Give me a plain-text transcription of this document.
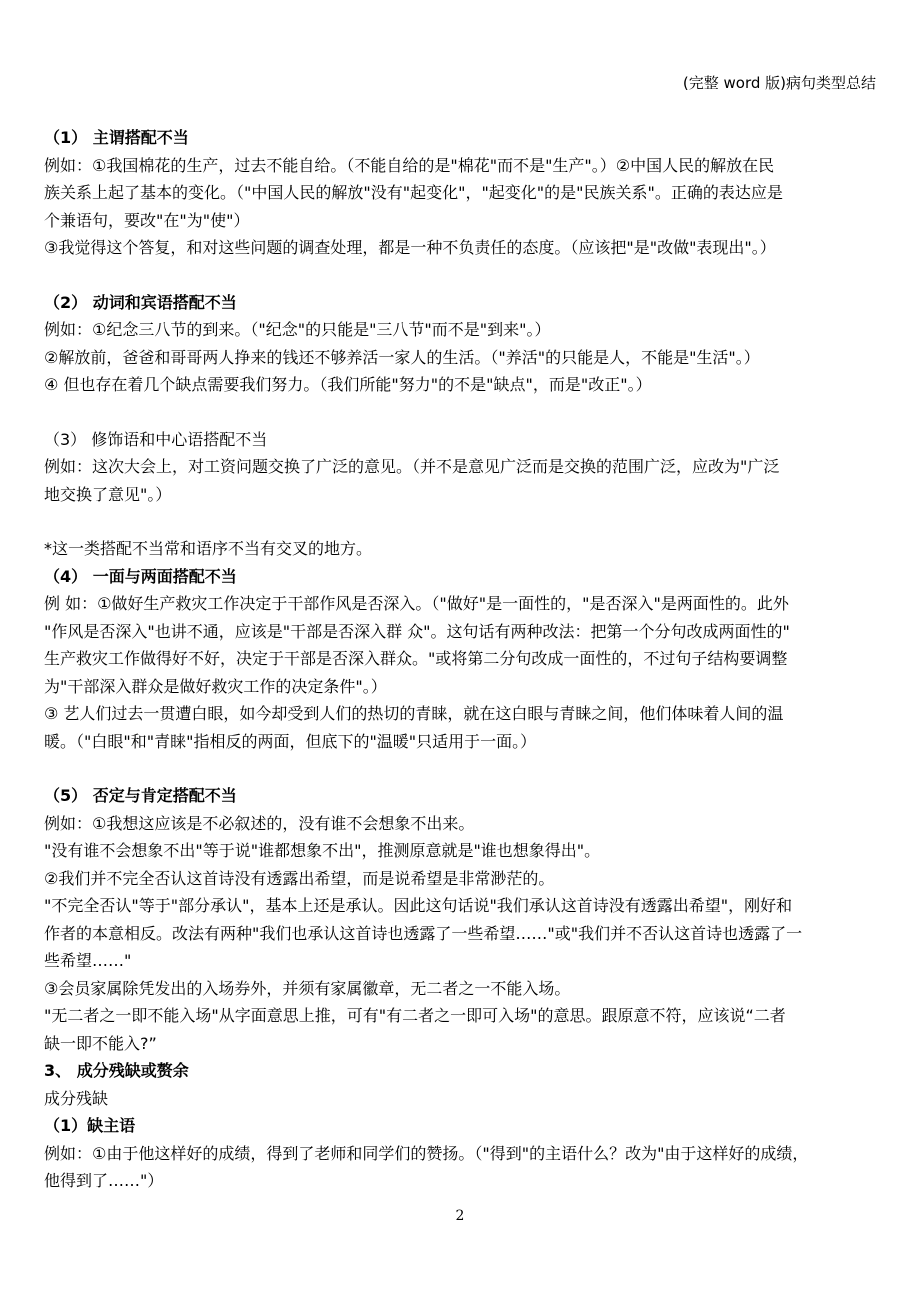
(完整 word 版)病句类型总结

（1） 主谓搭配不当

例如：①我国棉花的生产，过去不能自给。（不能自给的是"棉花"而不是"生产"。）②中国人民的解放在民

族关系上起了基本的变化。（"中国人民的解放"没有"起变化"，"起变化"的是"民族关系"。正确的表达应是

个兼语句，要改"在"为"使"）

③我觉得这个答复，和对这些问题的调查处理，都是一种不负责任的态度。（应该把"是"改做"表现出"。）

（2） 动词和宾语搭配不当

例如：①纪念三八节的到来。（"纪念"的只能是"三八节"而不是"到来"。）

②解放前，爸爸和哥哥两人挣来的钱还不够养活一家人的生活。（"养活"的只能是人，不能是"生活"。）

④ 但也存在着几个缺点需要我们努力。（我们所能"努力"的不是"缺点"，而是"改正"。）

（3） 修饰语和中心语搭配不当

例如：这次大会上，对工资问题交换了广泛的意见。（并不是意见广泛而是交换的范围广泛，应改为"广泛

地交换了意见"。）

*这一类搭配不当常和语序不当有交叉的地方。

（4） 一面与两面搭配不当

例 如：①做好生产救灾工作决定于干部作风是否深入。（"做好"是一面性的，"是否深入"是两面性的。此外

"作风是否深入"也讲不通，应该是"干部是否深入群 众"。这句话有两种改法：把第一个分句改成两面性的"

生产救灾工作做得好不好，决定于干部是否深入群众。"或将第二分句改成一面性的，不过句子结构要调整

为"干部深入群众是做好救灾工作的决定条件"。）

③ 艺人们过去一贯遭白眼，如今却受到人们的热切的青睐，就在这白眼与青睐之间，他们体味着人间的温

暖。（"白眼"和"青睐"指相反的两面，但底下的"温暖"只适用于一面。）

（5） 否定与肯定搭配不当

例如：①我想这应该是不必叙述的，没有谁不会想象不出来。

"没有谁不会想象不出"等于说"谁都想象不出"，推测原意就是"谁也想象得出"。

②我们并不完全否认这首诗没有透露出希望，而是说希望是非常渺茫的。

"不完全否认"等于"部分承认"，基本上还是承认。因此这句话说"我们承认这首诗没有透露出希望"，刚好和

作者的本意相反。改法有两种"我们也承认这首诗也透露了一些希望……"或"我们并不否认这首诗也透露了一

些希望……"

③会员家属除凭发出的入场券外，并须有家属徽章，无二者之一不能入场。

"无二者之一即不能入场"从字面意思上推，可有"有二者之一即可入场"的意思。跟原意不符，应该说“二者

缺一即不能入?”

3、 成分残缺或赘余

成分残缺

（1）缺主语

例如：①由于他这样好的成绩，得到了老师和同学们的赞扬。（"得到"的主语什么？改为"由于这样好的成绩，

他得到了……"）

2
